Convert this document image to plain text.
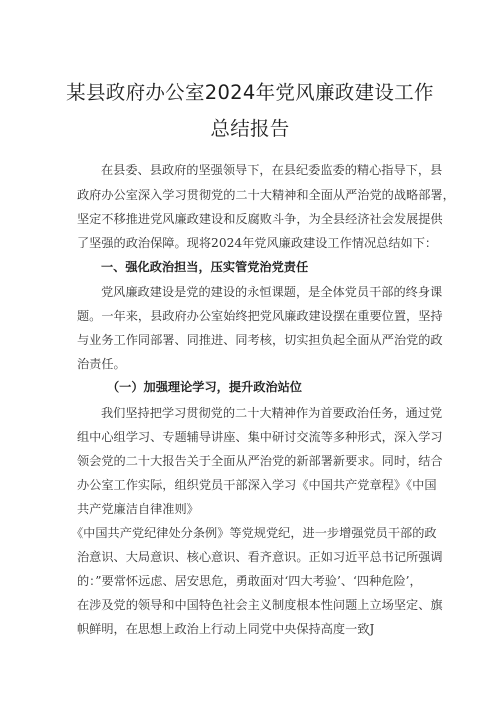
某县政府办公室2024年党风廉政建设工作
总结报告
在县委、县政府的坚强领导下，在县纪委监委的精心指导下，县
政府办公室深入学习贯彻党的二十大精神和全面从严治党的战略部署，
坚定不移推进党风廉政建设和反腐败斗争，为全县经济社会发展提供
了坚强的政治保障。现将2024年党风廉政建设工作情况总结如下：
一、强化政治担当，压实管党治党责任
党风廉政建设是党的建设的永恒课题，是全体党员干部的终身课
题。一年来，县政府办公室始终把党风廉政建设摆在重要位置，坚持
与业务工作同部署、同推进、同考核，切实担负起全面从严治党的政
治责任。
（一）加强理论学习，提升政治站位
我们坚持把学习贯彻党的二十大精神作为首要政治任务，通过党
组中心组学习、专题辅导讲座、集中研讨交流等多种形式，深入学习
领会党的二十大报告关于全面从严治党的新部署新要求。同时，结合
办公室工作实际，组织党员干部深入学习《中国共产党章程》《中国
共产党廉洁自律准则》
《中国共产党纪律处分条例》等党规党纪，进一步增强党员干部的政
治意识、大局意识、核心意识、看齐意识。正如习近平总书记所强调
的：”要常怀远虑、居安思危，勇敢面对‘四大考验’、‘四种危险’，
在涉及党的领导和中国特色社会主义制度根本性问题上立场坚定、旗
帜鲜明，在思想上政治上行动上同党中央保持高度一致J
